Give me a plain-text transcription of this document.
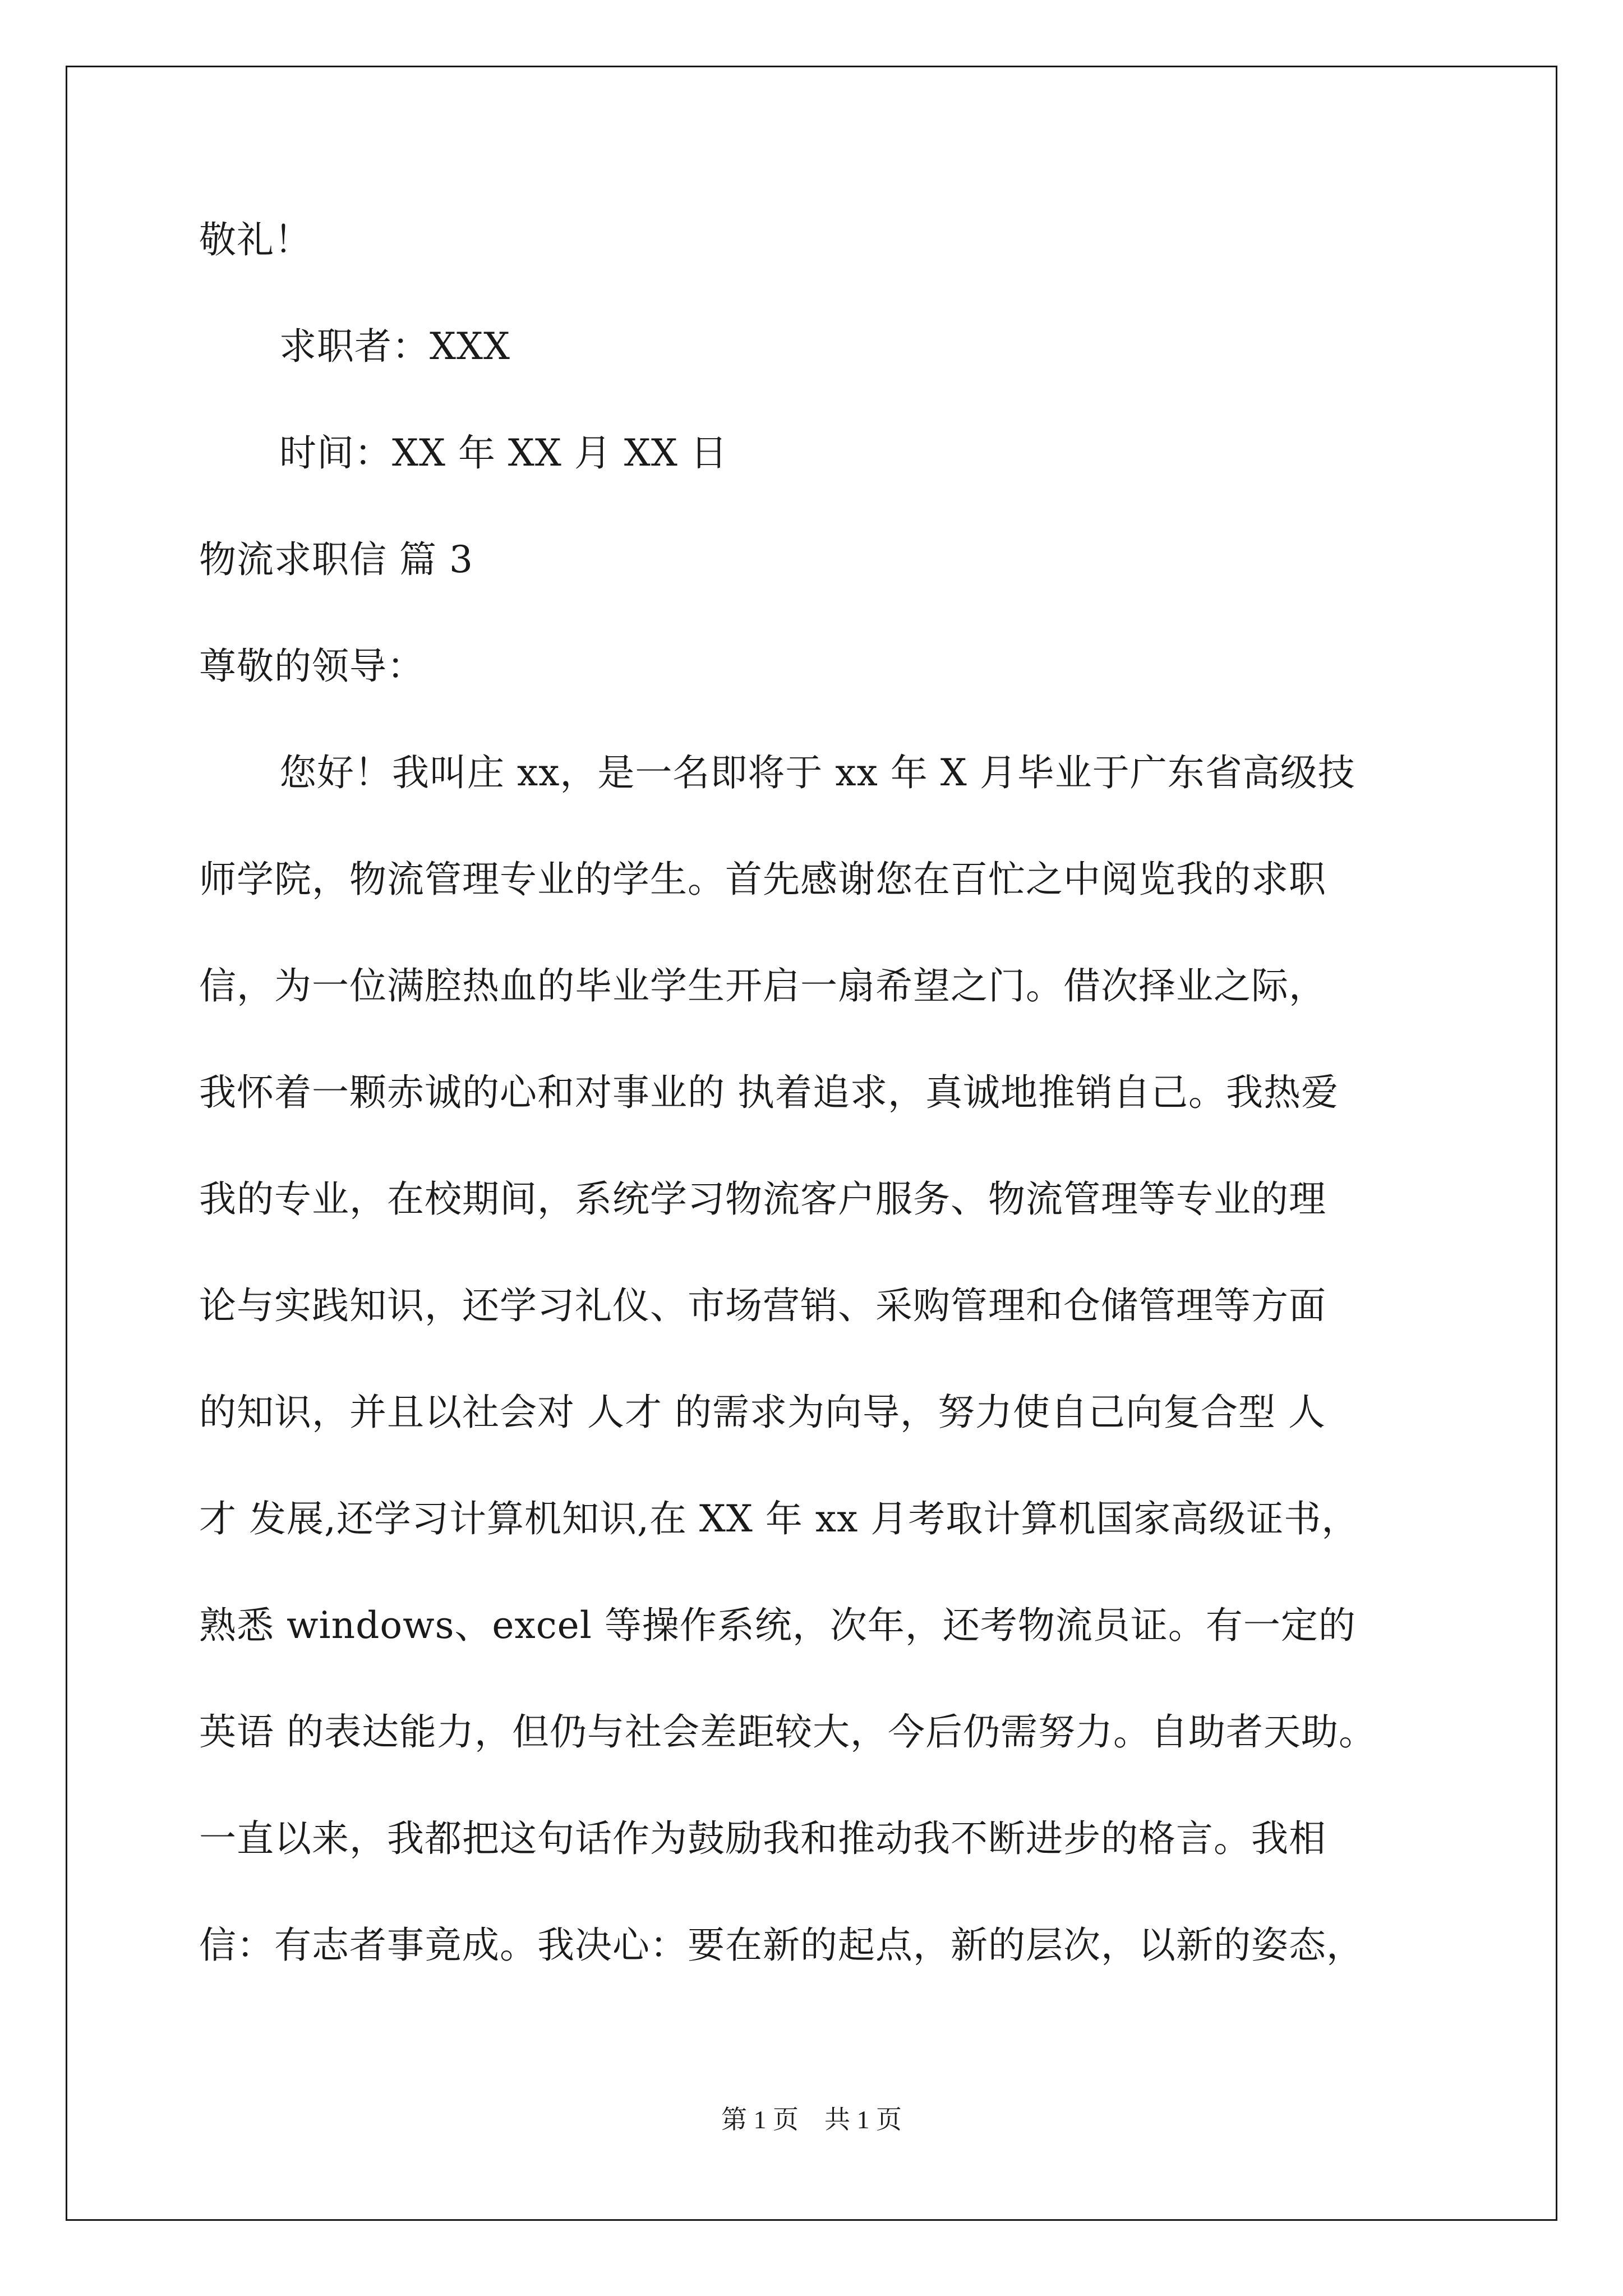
敬礼！
求职者：XXX
时间：XX 年 XX 月 XX 日
物流求职信 篇 3
尊敬的领导：
您好！我叫庄 xx，是一名即将于 xx 年 X 月毕业于广东省高级技
师学院，物流管理专业的学生。首先感谢您在百忙之中阅览我的求职
信，为一位满腔热血的毕业学生开启一扇希望之门。借次择业之际，
我怀着一颗赤诚的心和对事业的 执着追求，真诚地推销自己。我热爱
我的专业，在校期间，系统学习物流客户服务、物流管理等专业的理
论与实践知识，还学习礼仪、市场营销、采购管理和仓储管理等方面
的知识，并且以社会对 人才 的需求为向导，努力使自己向复合型 人
才 发展,还学习计算机知识,在 XX 年 xx 月考取计算机国家高级证书，
熟悉 windows、excel 等操作系统，次年，还考物流员证。有一定的
英语 的表达能力，但仍与社会差距较大，今后仍需努力。自助者天助。
一直以来，我都把这句话作为鼓励我和推动我不断进步的格言。我相
信：有志者事竟成。我决心：要在新的起点，新的层次，以新的姿态，
第 1 页　共 1 页
